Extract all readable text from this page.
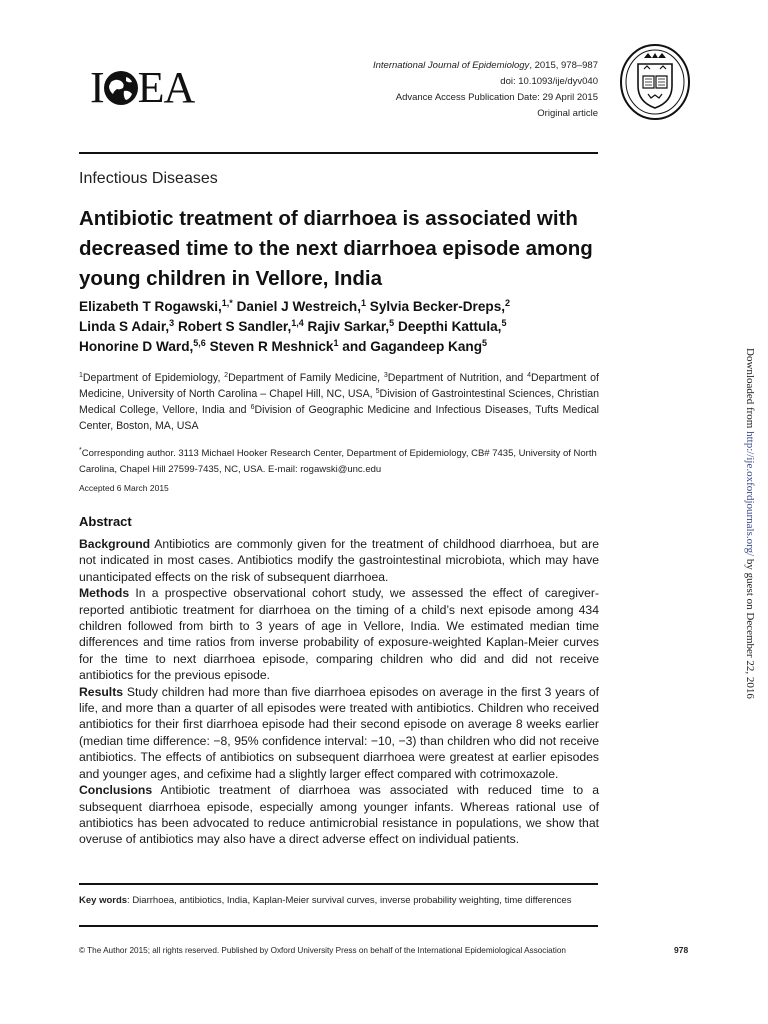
I EA	International Journal of Epidemiology, 2015, 978–987
doi: 10.1093/ije/dyv040
Advance Access Publication Date: 29 April 2015
Original article
Infectious Diseases
Antibiotic treatment of diarrhoea is associated with decreased time to the next diarrhoea episode among young children in Vellore, India
Elizabeth T Rogawski,$^{1,*}$ Daniel J Westreich,$^1$ Sylvia Becker-Dreps,$^2$
Linda S Adair,$^3$ Robert S Sandler,$^{1,4}$ Rajiv Sarkar,$^5$ Deepthi Kattula,$^5$
Honorine D Ward,$^{5,6}$ Steven R Meshnick$^1$ and Gagandeep Kang$^5$
$^1$Department of Epidemiology, $^2$Department of Family Medicine, $^3$Department of Nutrition, and $^4$Department of Medicine, University of North Carolina – Chapel Hill, NC, USA, $^5$Division of Gastrointestinal Sciences, Christian Medical College, Vellore, India and $^6$Division of Geographic Medicine and Infectious Diseases, Tufts Medical Center, Boston, MA, USA
*Corresponding author. 3113 Michael Hooker Research Center, Department of Epidemiology, CB# 7435, University of North Carolina, Chapel Hill 27599-7435, NC, USA. E-mail: rogawski@unc.edu
Accepted 6 March 2015
Abstract

Background Antibiotics are commonly given for the treatment of childhood diarrhoea, but are not indicated in most cases. Antibiotics modify the gastrointestinal microbiota, which may have unanticipated effects on the risk of subsequent diarrhoea.

Methods In a prospective observational cohort study, we assessed the effect of caregiver-reported antibiotic treatment for diarrhoea on the timing of a child’s next episode among 434 children followed from birth to 3 years of age in Vellore, India. We estimated median time differences and time ratios from inverse probability of exposure-weighted Kaplan-Meier curves for the time to next diarrhoea episode, comparing children who did and did not receive antibiotics for the previous episode.

Results Study children had more than five diarrhoea episodes on average in the first 3 years of life, and more than a quarter of all episodes were treated with antibiotics. Children who received antibiotics for their first diarrhoea episode had their second episode on average 8 weeks earlier (median time difference: −8, 95% confidence interval: −10, −3) than children who did not receive antibiotics. The effects of antibiotics on subsequent diarrhoea were greatest at earlier episodes and younger ages, and cefixime had a slightly larger effect compared with cotrimoxazole.

Conclusions Antibiotic treatment of diarrhoea was associated with reduced time to a subsequent diarrhoea episode, especially among younger infants. Whereas rational use of antibiotics has been advocated to reduce antimicrobial resistance in populations, we show that overuse of antibiotics may also have a direct adverse effect on individual patients.

Key words: Diarrhoea, antibiotics, India, Kaplan-Meier survival curves, inverse probability weighting, time differences
© The Author 2015; all rights reserved. Published by Oxford University Press on behalf of the International Epidemiological Association	978
Downloaded from http://ije.oxfordjournals.org/ by guest on December 22, 2016
